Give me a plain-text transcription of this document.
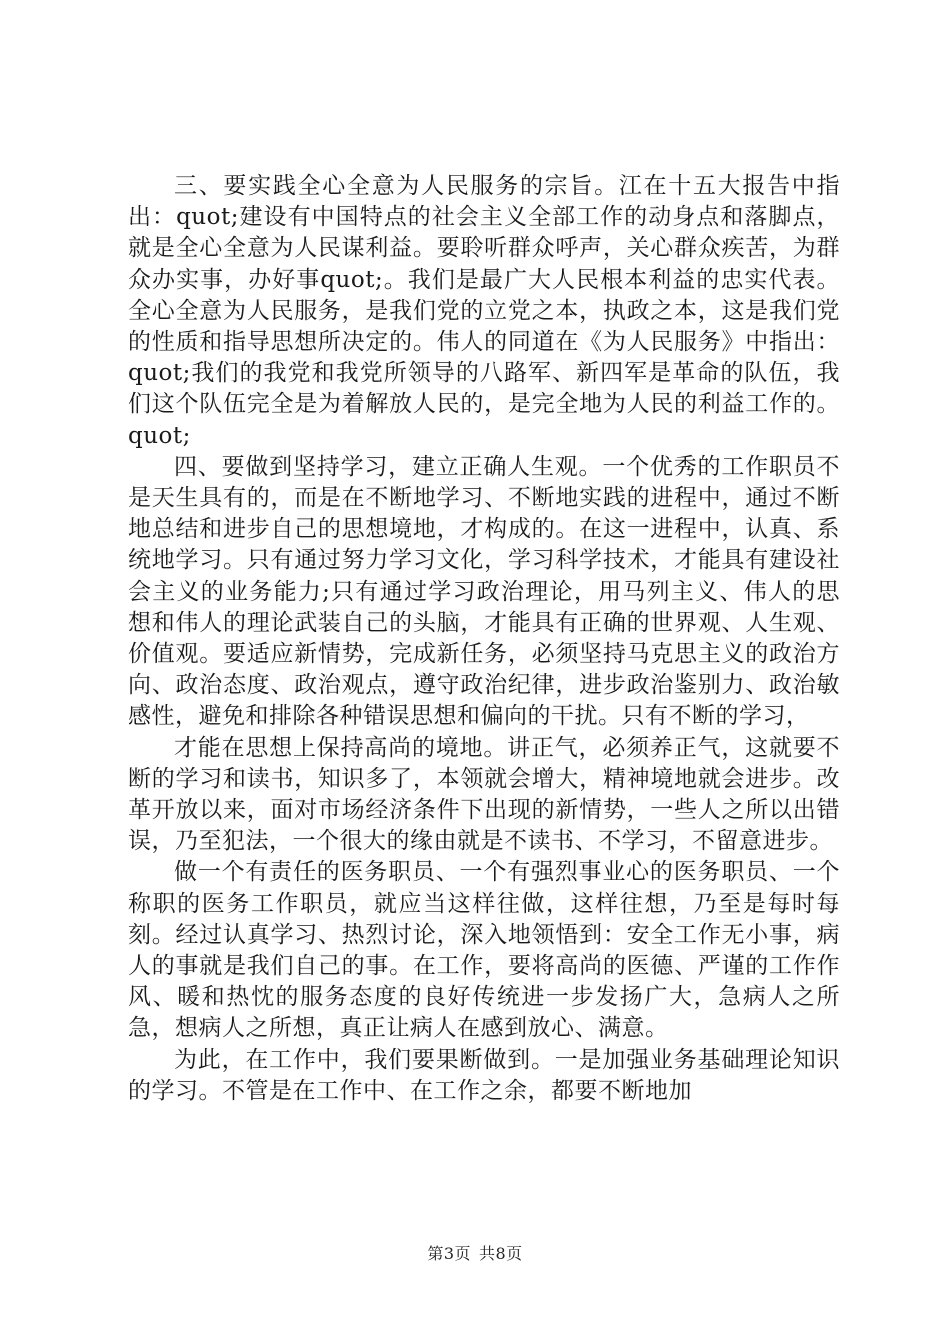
三、要实践全心全意为人民服务的宗旨。江在十五大报告中指出：quot;建设有中国特点的社会主义全部工作的动身点和落脚点，就是全心全意为人民谋利益。要聆听群众呼声，关心群众疾苦，为群众办实事，办好事quot;。我们是最广大人民根本利益的忠实代表。全心全意为人民服务，是我们党的立党之本，执政之本，这是我们党的性质和指导思想所决定的。伟人的同道在《为人民服务》中指出：quot;我们的我党和我党所领导的八路军、新四军是革命的队伍，我们这个队伍完全是为着解放人民的，是完全地为人民的利益工作的。quot;

四、要做到坚持学习，建立正确人生观。一个优秀的工作职员不是天生具有的，而是在不断地学习、不断地实践的进程中，通过不断地总结和进步自己的思想境地，才构成的。在这一进程中，认真、系统地学习。只有通过努力学习文化，学习科学技术，才能具有建设社会主义的业务能力;只有通过学习政治理论，用马列主义、伟人的思想和伟人的理论武装自己的头脑，才能具有正确的世界观、人生观、价值观。要适应新情势，完成新任务，必须坚持马克思主义的政治方向、政治态度、政治观点，遵守政治纪律，进步政治鉴别力、政治敏感性，避免和排除各种错误思想和偏向的干扰。只有不断的学习，

才能在思想上保持高尚的境地。讲正气，必须养正气，这就要不断的学习和读书，知识多了，本领就会增大，精神境地就会进步。改革开放以来，面对市场经济条件下出现的新情势，一些人之所以出错误，乃至犯法，一个很大的缘由就是不读书、不学习，不留意进步。

做一个有责任的医务职员、一个有强烈事业心的医务职员、一个称职的医务工作职员，就应当这样往做，这样往想，乃至是每时每刻。经过认真学习、热烈讨论，深入地领悟到：安全工作无小事，病人的事就是我们自己的事。在工作，要将高尚的医德、严谨的工作作风、暖和热忱的服务态度的良好传统进一步发扬广大，急病人之所急，想病人之所想，真正让病人在感到放心、满意。

为此，在工作中，我们要果断做到。一是加强业务基础理论知识的学习。不管是在工作中、在工作之余，都要不断地加

第3页 共8页
